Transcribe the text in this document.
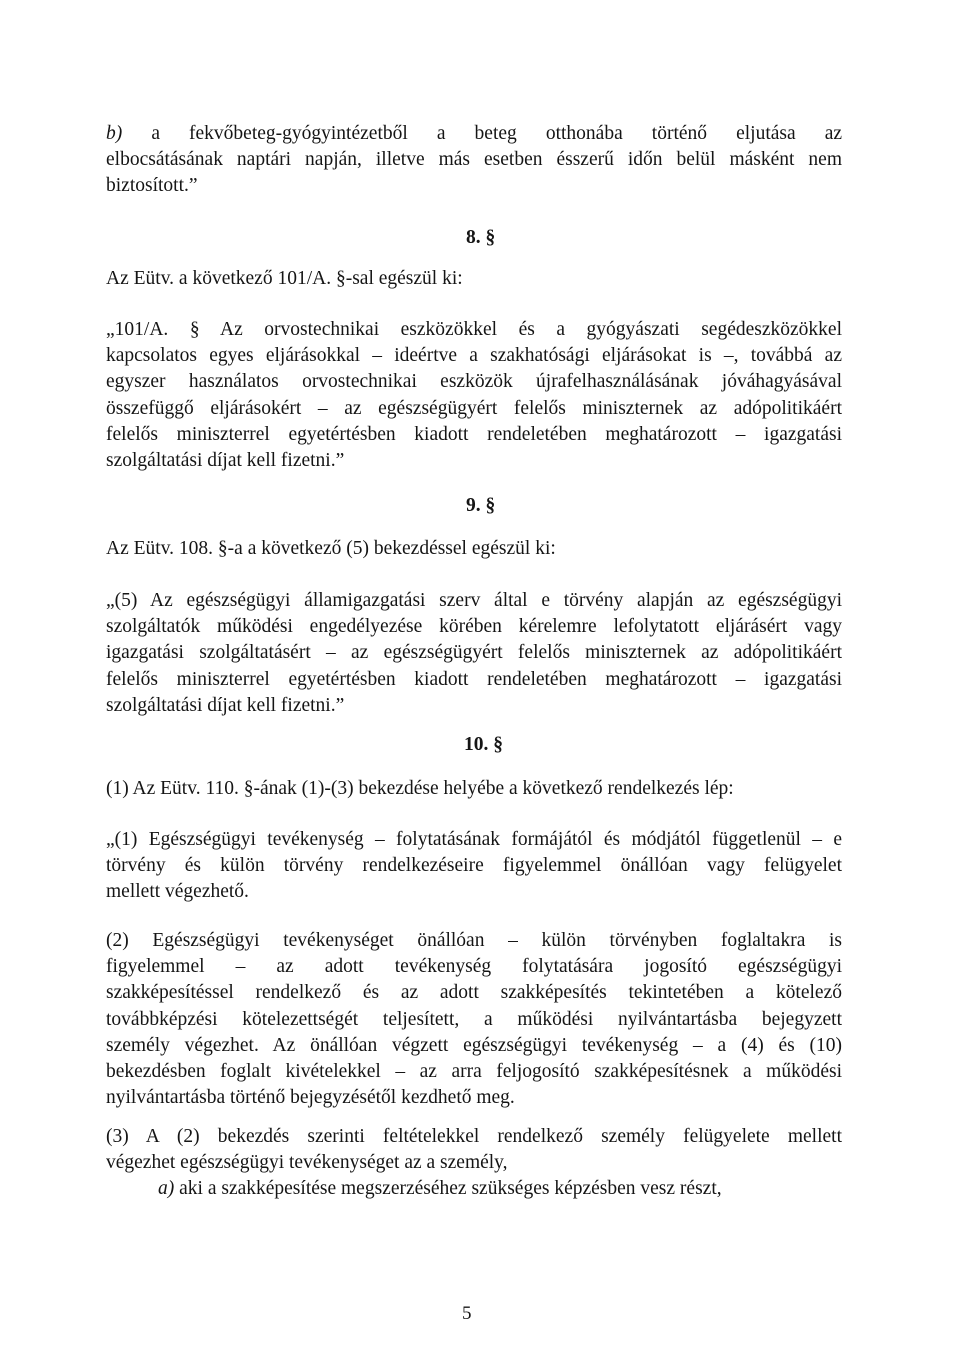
b) a fekvőbeteg-gyógyintézetből a beteg otthonába történő eljutása az
elbocsátásának naptári napján, illetve más esetben ésszerű időn belül másként nem
biztosított.”

8. §

Az Eütv. a következő 101/A. §-sal egészül ki:

„101/A. § Az orvostechnikai eszközökkel és a gyógyászati segédeszközökkel
kapcsolatos egyes eljárásokkal – ideértve a szakhatósági eljárásokat is –, továbbá az
egyszer használatos orvostechnikai eszközök újrafelhasználásának jóváhagyásával
összefüggő eljárásokért – az egészségügyért felelős miniszternek az adópolitikáért
felelős miniszterrel egyetértésben kiadott rendeletében meghatározott – igazgatási
szolgáltatási díjat kell fizetni.”

9. §

Az Eütv. 108. §-a a következő (5) bekezdéssel egészül ki:

„(5) Az egészségügyi államigazgatási szerv által e törvény alapján az egészségügyi
szolgáltatók működési engedélyezése körében kérelemre lefolytatott eljárásért vagy
igazgatási szolgáltatásért – az egészségügyért felelős miniszternek az adópolitikáért
felelős miniszterrel egyetértésben kiadott rendeletében meghatározott – igazgatási
szolgáltatási díjat kell fizetni.”

10. §

(1) Az Eütv. 110. §-ának (1)-(3) bekezdése helyébe a következő rendelkezés lép:

„(1) Egészségügyi tevékenység – folytatásának formájától és módjától függetlenül – e
törvény és külön törvény rendelkezéseire figyelemmel önállóan vagy felügyelet
mellett végezhető.

(2) Egészségügyi tevékenységet önállóan – külön törvényben foglaltakra is
figyelemmel – az adott tevékenység folytatására jogosító egészségügyi
szakképesítéssel rendelkező és az adott szakképesítés tekintetében a kötelező
továbbképzési kötelezettségét teljesített, a működési nyilvántartásba bejegyzett
személy végezhet. Az önállóan végzett egészségügyi tevékenység – a (4) és (10)
bekezdésben foglalt kivételekkel – az arra feljogosító szakképesítésnek a működési
nyilvántartásba történő bejegyzésétől kezdhető meg.

(3) A (2) bekezdés szerinti feltételekkel rendelkező személy felügyelete mellett
végezhet egészségügyi tevékenységet az a személy,
a) aki a szakképesítése megszerzéséhez szükséges képzésben vesz részt,

5
